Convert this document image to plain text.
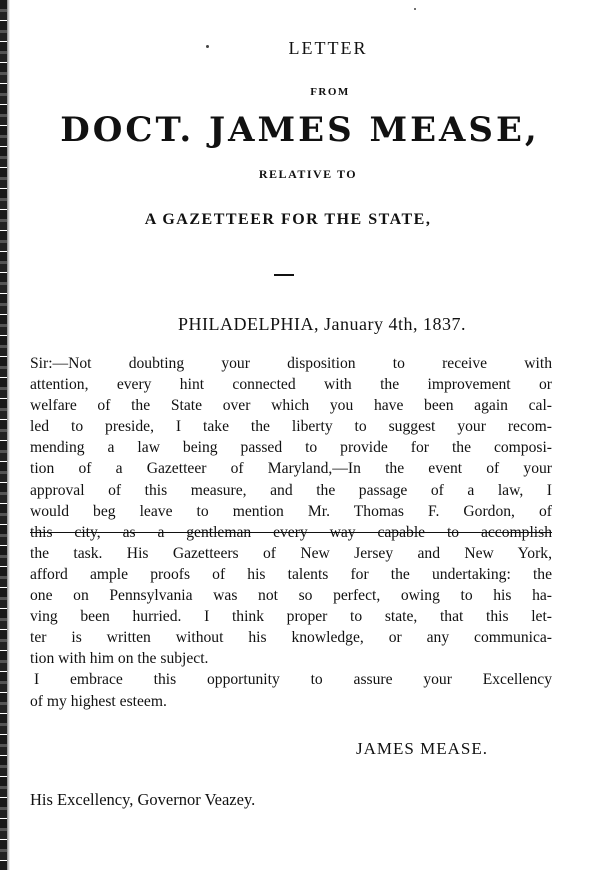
LETTER
FROM
DOCT. JAMES MEASE,
RELATIVE TO
A GAZETTEER FOR THE STATE,
PHILADELPHIA, January 4th, 1837.
Sir:—Not doubting your disposition to receive with
attention, every hint connected with the improvement or
welfare of the State over which you have been again cal-
led to preside, I take the liberty to suggest your recom-
mending a law being passed to provide for the composi-
tion of a Gazetteer of Maryland,—In the event of your
approval of this measure, and the passage of a law, I
would beg leave to mention Mr. Thomas F. Gordon, of
this city, as a gentleman every way capable to accomplish
the task. His Gazetteers of New Jersey and New York,
afford ample proofs of his talents for the undertaking: the
one on Pennsylvania was not so perfect, owing to his ha-
ving been hurried. I think proper to state, that this let-
ter is written without his knowledge, or any communica-
tion with him on the subject.
I embrace this opportunity to assure your Excellency
of my highest esteem.
JAMES MEASE.
His Excellency, Governor Veazey.
